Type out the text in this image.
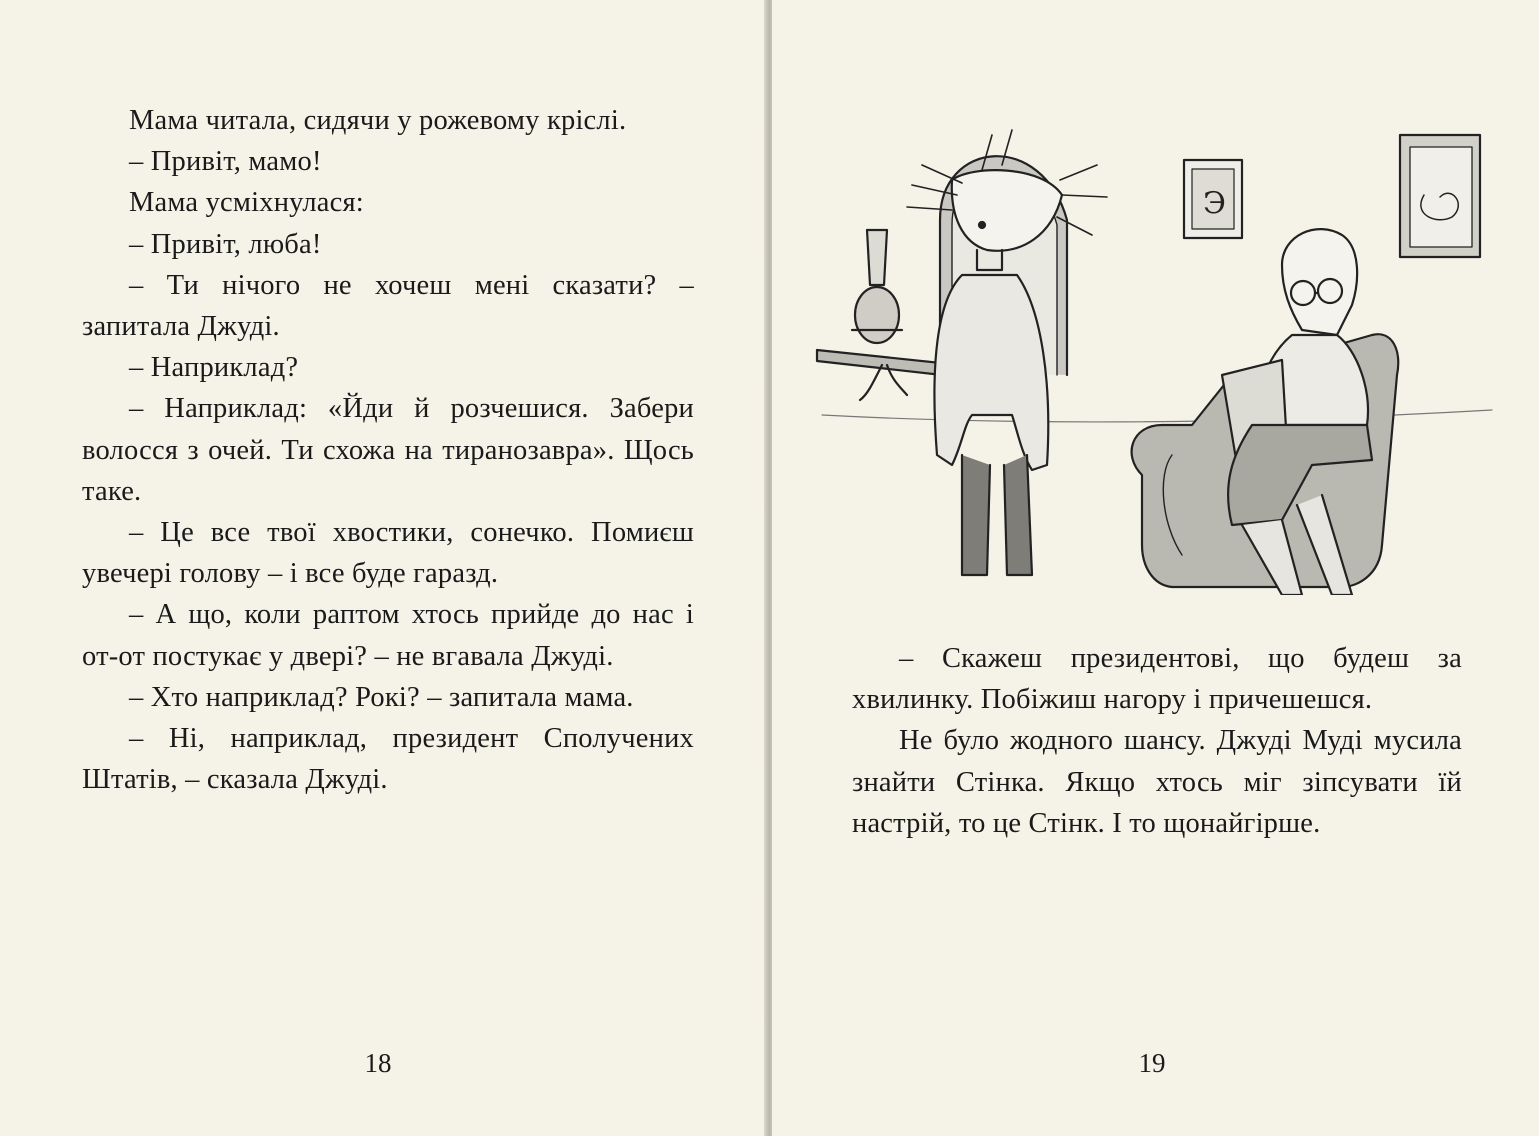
Мама читала, сидячи у рожевому кріслі.

– Привіт, мамо!

Мама усміхнулася:

– Привіт, люба!

– Ти нічого не хочеш мені сказати? – запитала Джуді.

– Наприклад?

– Наприклад: «Йди й розчешися. Забери волосся з очей. Ти схожа на тиранозавра». Щось таке.

– Це все твої хвостики, сонечко. Помиєш увечері голову – і все буде гаразд.

– А що, коли раптом хтось прийде до нас і от-от постукає у двері? – не вгавала Джуді.

– Хто наприклад? Рокі? – запитала мама.

– Ні, наприклад, президент Сполучених Штатів, – сказала Джуді.

18
Э

– Скажеш президентові, що будеш за хвилинку. Побіжиш нагору і причешешся.

Не було жодного шансу. Джуді Муді мусила знайти Стінка. Якщо хтось міг зіпсувати їй настрій, то це Стінк. І то щонайгірше.

19
